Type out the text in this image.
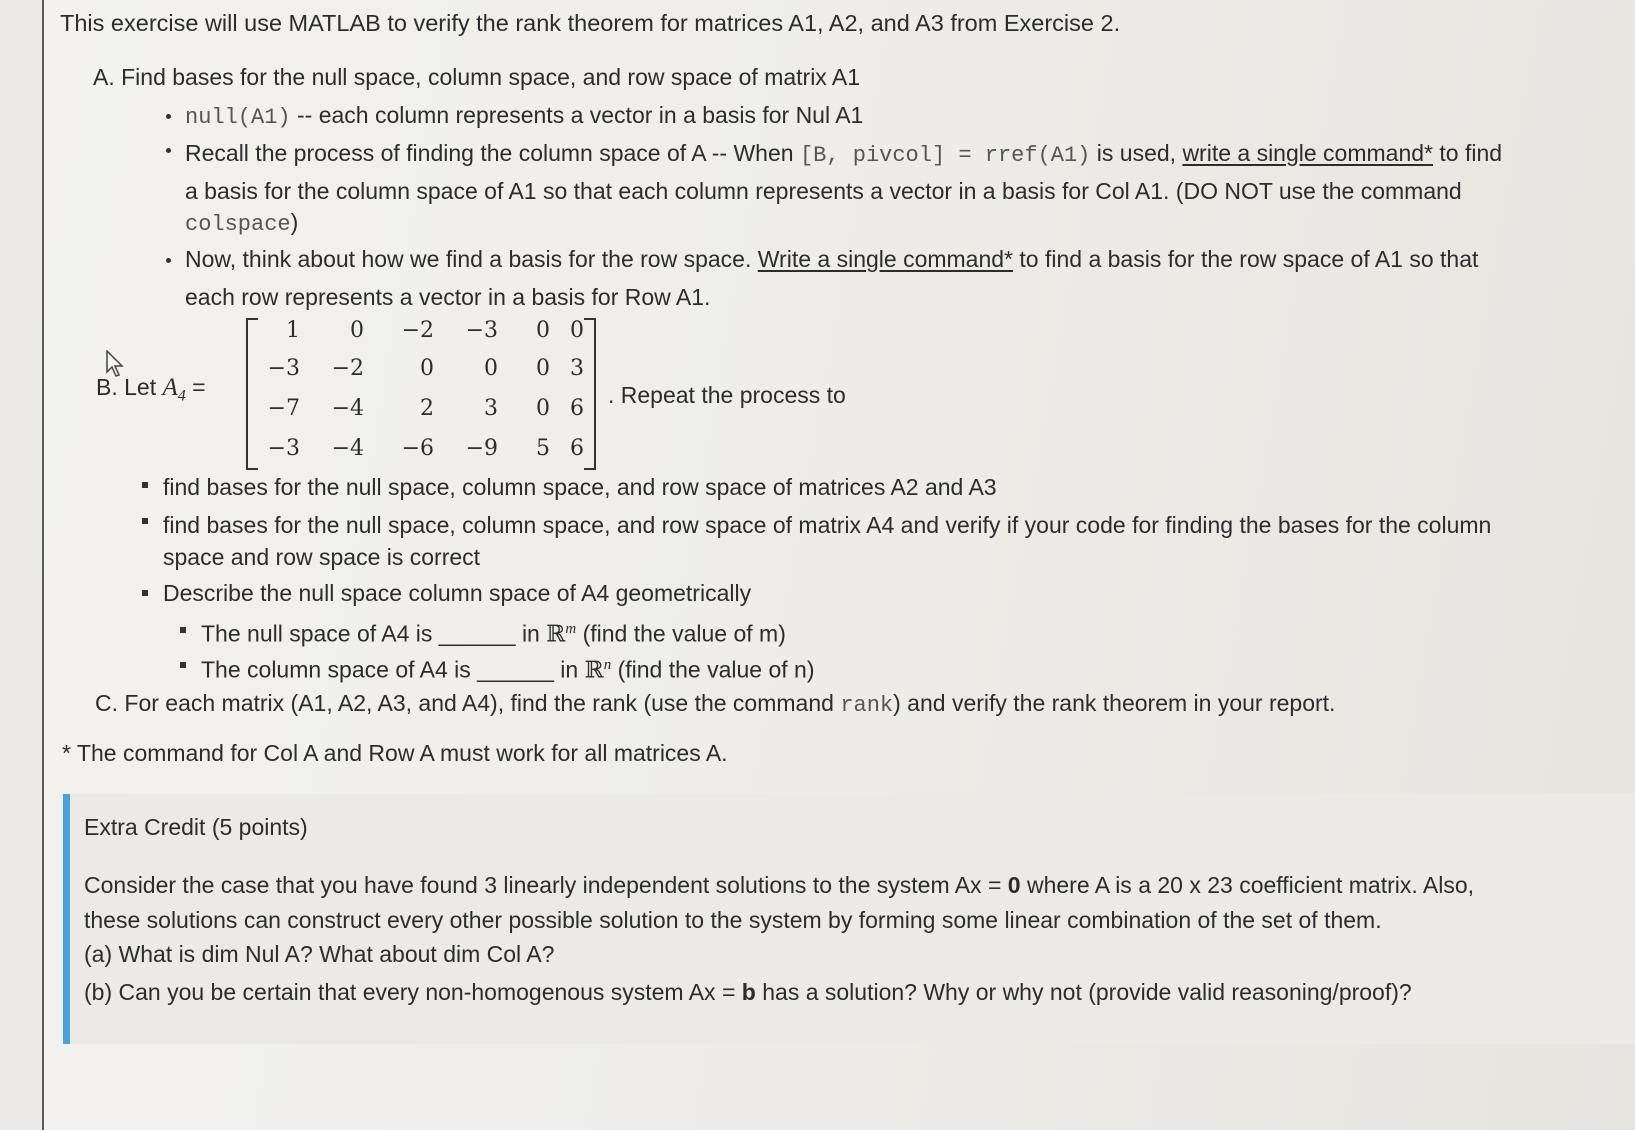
This exercise will use MATLAB to verify the rank theorem for matrices A1, A2, and A3 from Exercise 2.
A. Find bases for the null space, column space, and row space of matrix A1
null(A1) -- each column represents a vector in a basis for Nul A1
Recall the process of finding the column space of A -- When [B, pivcol] = rref(A1) is used, write a single command* to find
a basis for the column space of A1 so that each column represents a vector in a basis for Col A1. (DO NOT use the command
colspace)
Now, think about how we find a basis for the row space. Write a single command* to find a basis for the row space of A1 so that
each row represents a vector in a basis for Row A1.
B. Let $A_4$ =
1	0	−2	−3	0 0
−3	−2	0	0	0 3
−7	−4	2	3	0 6
−3	−4	−6	−9	5 6
. Repeat the process to
find bases for the null space, column space, and row space of matrices A2 and A3
find bases for the null space, column space, and row space of matrix A4 and verify if your code for finding the bases for the column
space and row space is correct
Describe the null space column space of A4 geometrically
The null space of A4 is ______ in ℝ$^m$ (find the value of m)
The column space of A4 is ______ in ℝ$^n$ (find the value of n)
C. For each matrix (A1, A2, A3, and A4), find the rank (use the command rank) and verify the rank theorem in your report.
* The command for Col A and Row A must work for all matrices A.
Extra Credit (5 points)
Consider the case that you have found 3 linearly independent solutions to the system Ax = 0 where A is a 20 x 23 coefficient matrix. Also,
these solutions can construct every other possible solution to the system by forming some linear combination of the set of them.
(a) What is dim Nul A? What about dim Col A?
(b) Can you be certain that every non-homogenous system Ax = b has a solution? Why or why not (provide valid reasoning/proof)?
